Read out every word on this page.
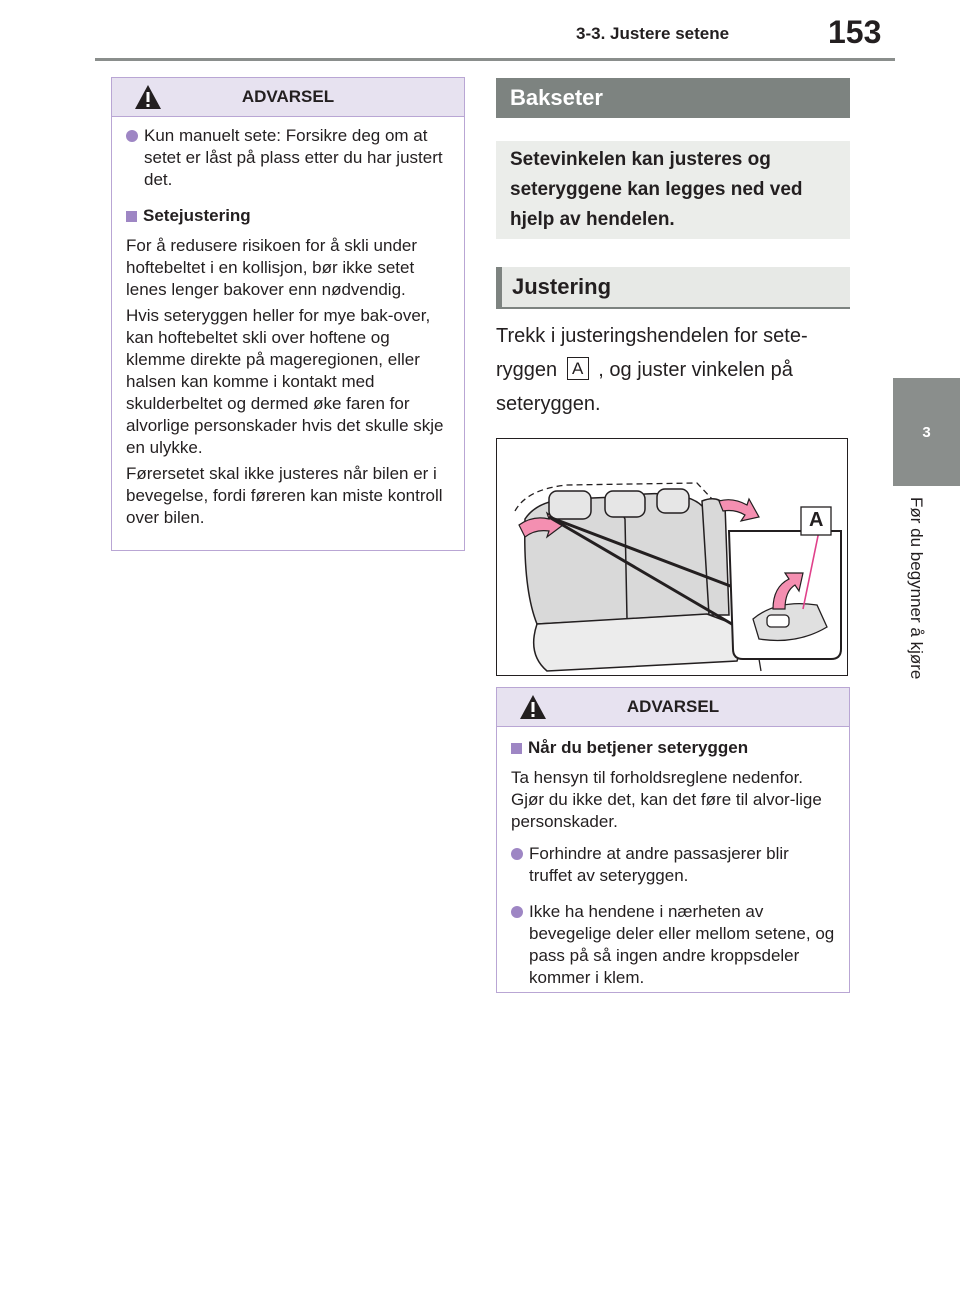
3-3. Justere setene	153
3
Før du begynner å kjøre
ADVARSEL
Kun manuelt sete: Forsikre deg om at setet er låst på plass etter du har justert det.
Setejustering

For å redusere risikoen for å skli under hoftebeltet i en kollisjon, bør ikke setet lenes lenger bakover enn nødvendig.

Hvis seteryggen heller for mye bak-over, kan hoftebeltet skli over hoftene og klemme direkte på mageregionen, eller halsen kan komme i kontakt med skulderbeltet og dermed øke faren for alvorlige personskader hvis det skulle skje en ulykke.

Førersetet skal ikke justeres når bilen er i bevegelse, fordi føreren kan miste kontroll over bilen.

Bakseter
Setevinkelen kan justeres og seteryggene kan legges ned ved hjelp av hendelen.
Justering
Trekk i justeringshendelen for sete-ryggen A , og juster vinkelen på seteryggen.
A
ADVARSEL
Når du betjener seteryggen

Ta hensyn til forholdsreglene nedenfor. Gjør du ikke det, kan det føre til alvor-lige personskader.

Forhindre at andre passasjerer blir truffet av seteryggen.
Ikke ha hendene i nærheten av bevegelige deler eller mellom setene, og pass på så ingen andre kroppsdeler kommer i klem.
